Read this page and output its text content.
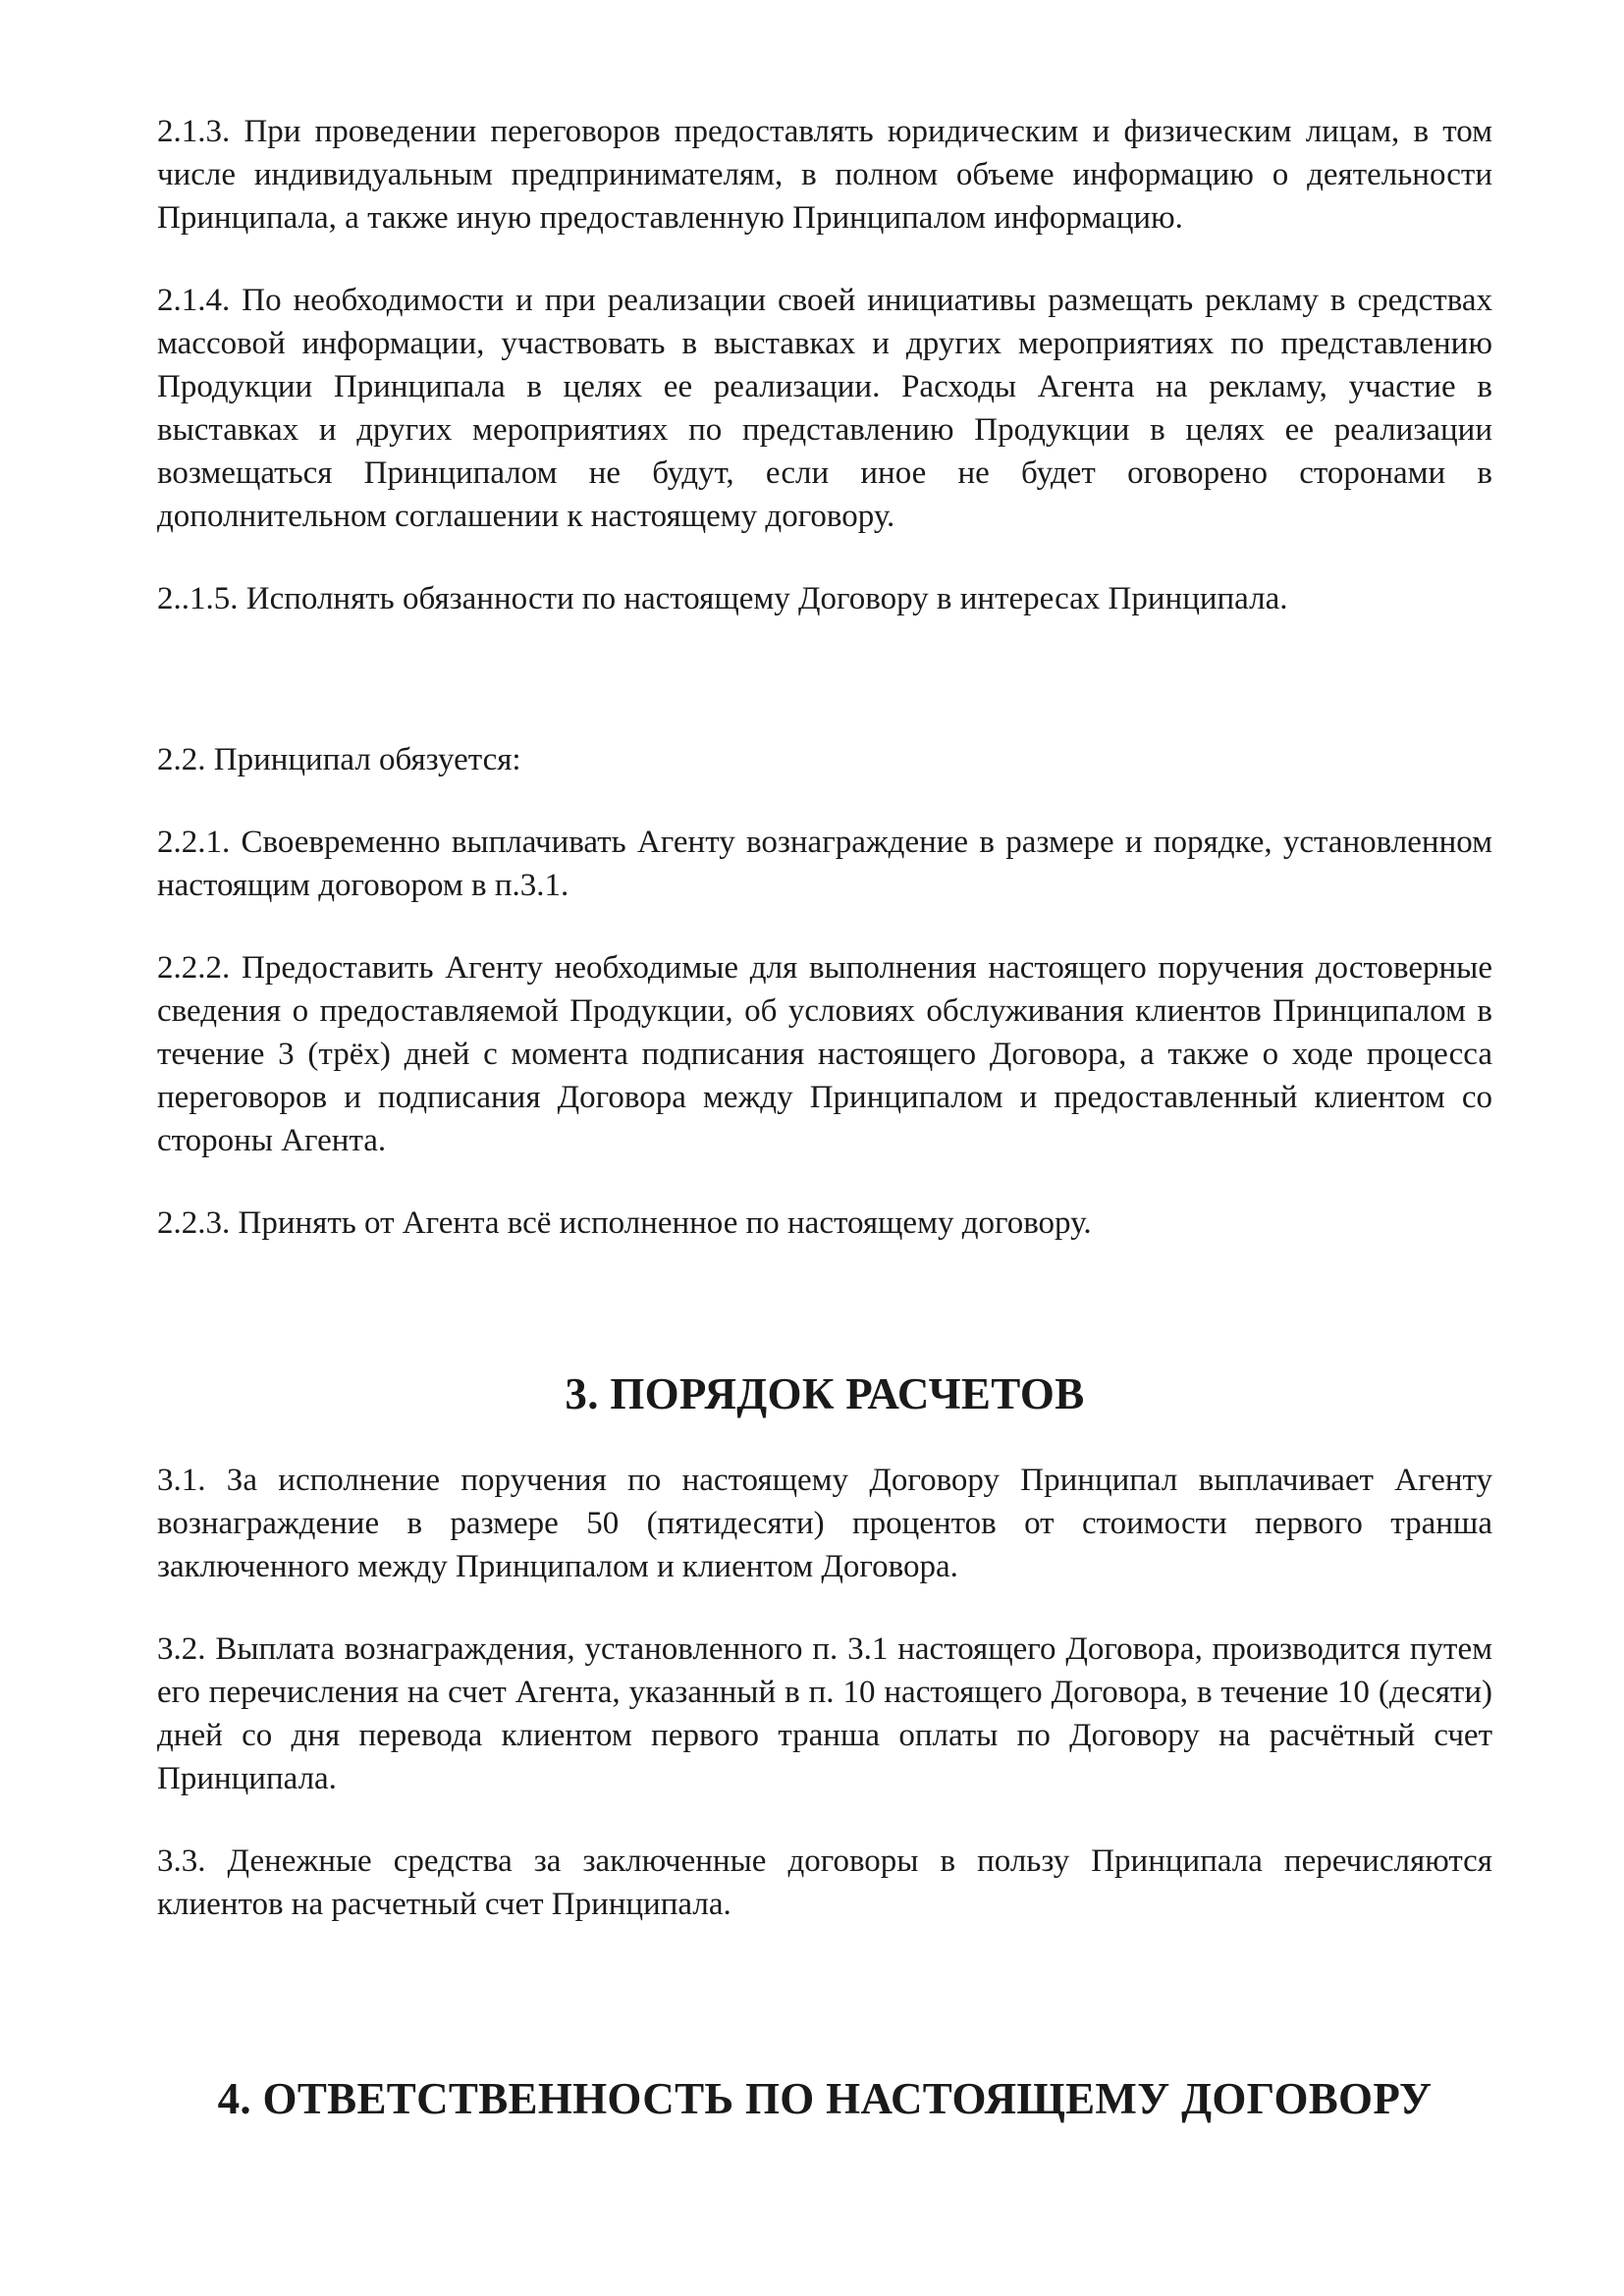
2.1.3. При проведении переговоров предоставлять юридическим и физическим лицам, в том числе индивидуальным предпринимателям, в полном объеме информацию о деятельности Принципала, а также иную предоставленную Принципалом информацию.

2.1.4. По необходимости и при реализации своей инициативы размещать рекламу в средствах массовой информации, участвовать в выставках и других мероприятиях по представлению Продукции Принципала в целях ее реализации. Расходы Агента на рекламу, участие в выставках и других мероприятиях по представлению Продукции в целях ее реализации возмещаться Принципалом не будут, если иное не будет оговорено сторонами в дополнительном соглашении к настоящему договору.

2..1.5. Исполнять обязанности по настоящему Договору в интересах Принципала.

2.2. Принципал обязуется:

2.2.1. Своевременно выплачивать Агенту вознаграждение в размере и порядке, установленном настоящим договором в п.3.1.

2.2.2. Предоставить Агенту необходимые для выполнения настоящего поручения достоверные сведения о предоставляемой Продукции, об условиях обслуживания клиентов Принципалом в течение 3 (трёх) дней с момента подписания настоящего Договора, а также о ходе процесса переговоров и подписания Договора между Принципалом и предоставленный клиентом со стороны Агента.

2.2.3. Принять от Агента всё исполненное по настоящему договору.

3. ПОРЯДОК РАСЧЕТОВ

3.1. За исполнение поручения по настоящему Договору Принципал выплачивает Агенту вознаграждение в размере 50 (пятидесяти) процентов от стоимости первого транша заключенного между Принципалом и клиентом Договора.

3.2. Выплата вознаграждения, установленного п. 3.1 настоящего Договора, производится путем его перечисления на счет Агента, указанный в п. 10 настоящего Договора, в течение 10 (десяти) дней со дня перевода клиентом первого транша оплаты по Договору на расчётный счет Принципала.

3.3. Денежные средства за заключенные договоры в пользу Принципала перечисляются клиентов на расчетный счет Принципала.

4. ОТВЕТСТВЕННОСТЬ ПО НАСТОЯЩЕМУ ДОГОВОРУ
